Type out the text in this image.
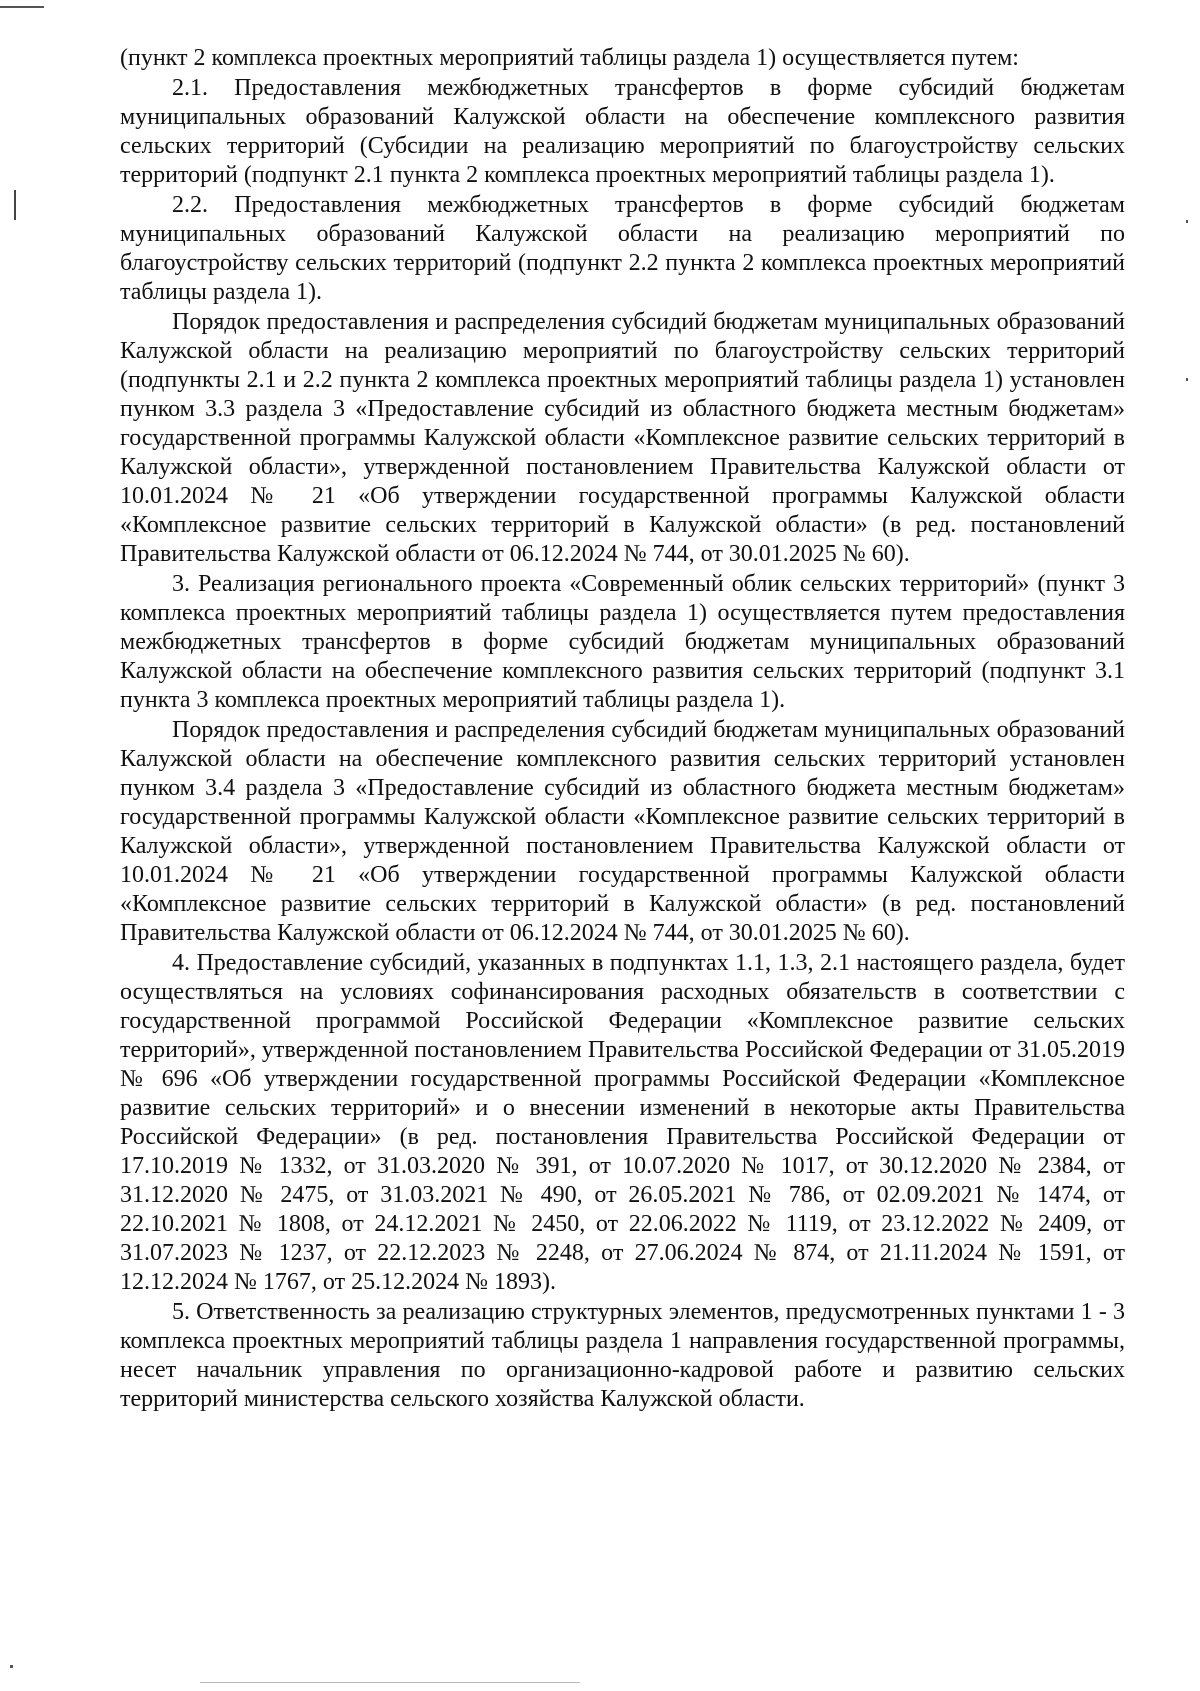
(пункт 2 комплекса проектных мероприятий таблицы раздела 1) осуществляется путем:

2.1. Предоставления межбюджетных трансфертов в форме субсидий бюджетам муниципальных образований Калужской области на обеспечение комплексного развития сельских территорий (Субсидии на реализацию мероприятий по благоустройству сельских территорий (подпункт 2.1 пункта 2 комплекса проектных мероприятий таблицы раздела 1).

2.2. Предоставления межбюджетных трансфертов в форме субсидий бюджетам муниципальных образований Калужской области на реализацию мероприятий по благоустройству сельских территорий (подпункт 2.2 пункта 2 комплекса проектных мероприятий таблицы раздела 1).

Порядок предоставления и распределения субсидий бюджетам муниципальных образований Калужской области на реализацию мероприятий по благоустройству сельских территорий (подпункты 2.1 и 2.2 пункта 2 комплекса проектных мероприятий таблицы раздела 1) установлен пунком 3.3 раздела 3 «Предоставление субсидий из областного бюджета местным бюджетам» государственной программы Калужской области «Комплексное развитие сельских территорий в Калужской области», утвержденной постановлением Правительства Калужской области от 10.01.2024 № 21 «Об утверждении государственной программы Калужской области «Комплексное развитие сельских территорий в Калужской области» (в ред. постановлений Правительства Калужской области от 06.12.2024 № 744, от 30.01.2025 № 60).

3. Реализация регионального проекта «Современный облик сельских территорий» (пункт 3 комплекса проектных мероприятий таблицы раздела 1) осуществляется путем предоставления межбюджетных трансфертов в форме субсидий бюджетам муниципальных образований Калужской области на обеспечение комплексного развития сельских территорий (подпункт 3.1 пункта 3 комплекса проектных мероприятий таблицы раздела 1).

Порядок предоставления и распределения субсидий бюджетам муниципальных образований Калужской области на обеспечение комплексного развития сельских территорий установлен пунком 3.4 раздела 3 «Предоставление субсидий из областного бюджета местным бюджетам» государственной программы Калужской области «Комплексное развитие сельских территорий в Калужской области», утвержденной постановлением Правительства Калужской области от 10.01.2024 № 21 «Об утверждении государственной программы Калужской области «Комплексное развитие сельских территорий в Калужской области» (в ред. постановлений Правительства Калужской области от 06.12.2024 № 744, от 30.01.2025 № 60).

4. Предоставление субсидий, указанных в подпунктах 1.1, 1.3, 2.1 настоящего раздела, будет осуществляться на условиях софинансирования расходных обязательств в соответствии с государственной программой Российской Федерации «Комплексное развитие сельских территорий», утвержденной постановлением Правительства Российской Федерации от 31.05.2019 № 696 «Об утверждении государственной программы Российской Федерации «Комплексное развитие сельских территорий» и о внесении изменений в некоторые акты Правительства Российской Федерации» (в ред. постановления Правительства Российской Федерации от 17.10.2019 № 1332, от 31.03.2020 № 391, от 10.07.2020 № 1017, от 30.12.2020 № 2384, от 31.12.2020 № 2475, от 31.03.2021 № 490, от 26.05.2021 № 786, от 02.09.2021 № 1474, от 22.10.2021 № 1808, от 24.12.2021 № 2450, от 22.06.2022 № 1119, от 23.12.2022 № 2409, от 31.07.2023 № 1237, от 22.12.2023 № 2248, от 27.06.2024 № 874, от 21.11.2024 № 1591, от 12.12.2024 № 1767, от 25.12.2024 № 1893).

5. Ответственность за реализацию структурных элементов, предусмотренных пунктами 1 - 3 комплекса проектных мероприятий таблицы раздела 1 направления государственной программы, несет начальник управления по организационно-кадровой работе и развитию сельских территорий министерства сельского хозяйства Калужской области.
